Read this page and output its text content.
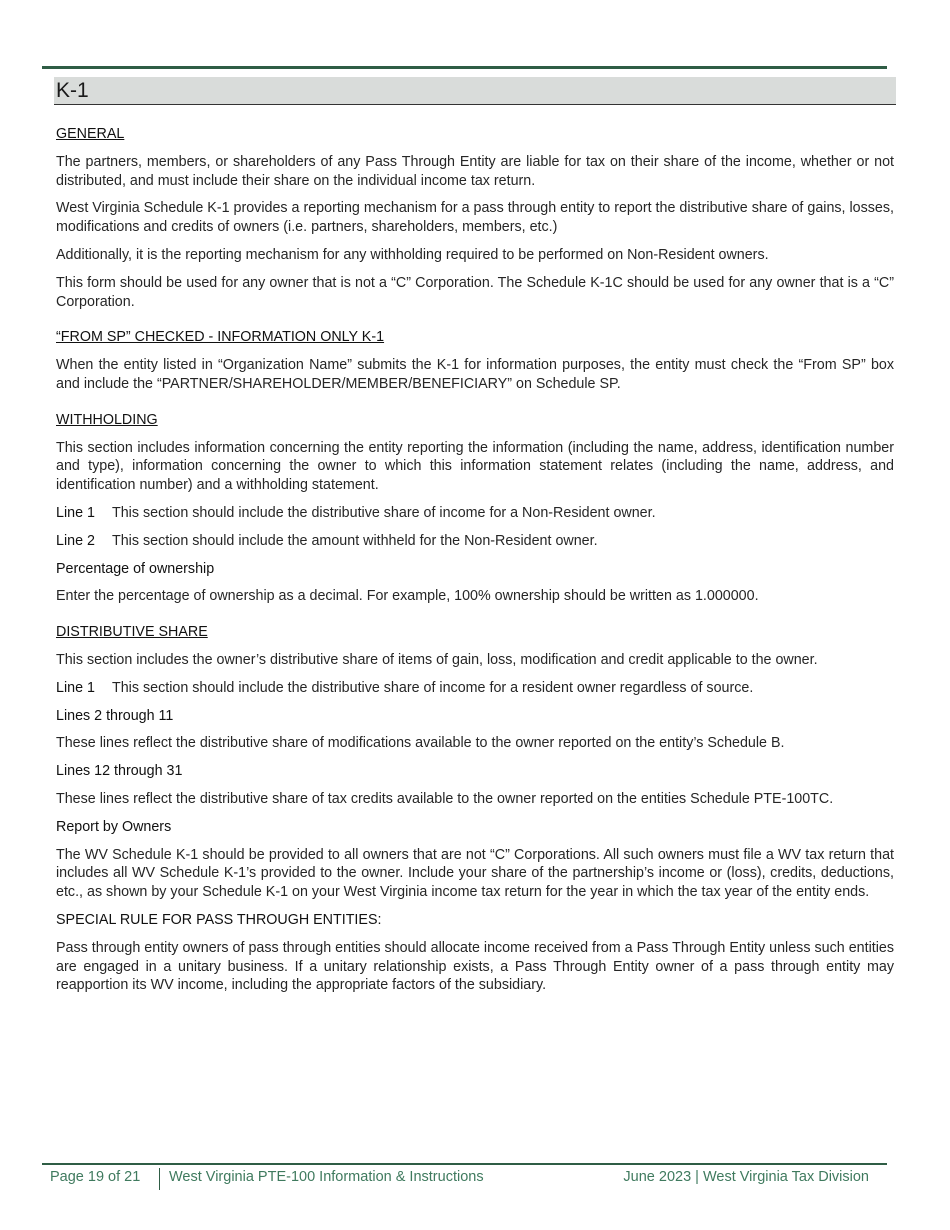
K-1

GENERAL

The partners, members, or shareholders of any Pass Through Entity are liable for tax on their share of the income, whether or not distributed, and must include their share on the individual income tax return.

West Virginia Schedule K-1 provides a reporting mechanism for a pass through entity to report the distributive share of gains, losses, modifications and credits of owners (i.e. partners, shareholders, members, etc.)

Additionally, it is the reporting mechanism for any withholding required to be performed on Non-Resident owners.

This form should be used for any owner that is not a “C” Corporation. The Schedule K-1C should be used for any owner that is a “C” Corporation.

“FROM SP” CHECKED - INFORMATION ONLY K-1

When the entity listed in “Organization Name” submits the K-1 for information purposes, the entity must check the “From SP” box and include the “PARTNER/SHAREHOLDER/MEMBER/BENEFICIARY” on Schedule SP.

WITHHOLDING

This section includes information concerning the entity reporting the information (including the name, address, identification number and type), information concerning the owner to which this information statement relates (including the name, address, and identification number) and a withholding statement.

Line 1	This section should include the distributive share of income for a Non-Resident owner.
Line 2	This section should include the amount withheld for the Non-Resident owner.

Percentage of ownership

Enter the percentage of ownership as a decimal. For example, 100% ownership should be written as 1.000000.

DISTRIBUTIVE SHARE

This section includes the owner’s distributive share of items of gain, loss, modification and credit applicable to the owner.

Line 1	This section should include the distributive share of income for a resident owner regardless of source.

Lines 2 through 11

These lines reflect the distributive share of modifications available to the owner reported on the entity’s Schedule B.

Lines 12 through 31

These lines reflect the distributive share of tax credits available to the owner reported on the entities Schedule PTE-100TC.

Report by Owners

The WV Schedule K-1 should be provided to all owners that are not “C” Corporations. All such owners must file a WV tax return that includes all WV Schedule K-1’s provided to the owner. Include your share of the partnership’s income or (loss), credits, deductions, etc., as shown by your Schedule K-1 on your West Virginia income tax return for the year in which the tax year of the entity ends.

SPECIAL RULE FOR PASS THROUGH ENTITIES:

Pass through entity owners of pass through entities should allocate income received from a Pass Through Entity unless such entities are engaged in a unitary business. If a unitary relationship exists, a Pass Through Entity owner of a pass through entity may reapportion its WV income, including the appropriate factors of the subsidiary.

Page 19 of 21 West Virginia PTE-100 Information & Instructions	June 2023 | West Virginia Tax Division
